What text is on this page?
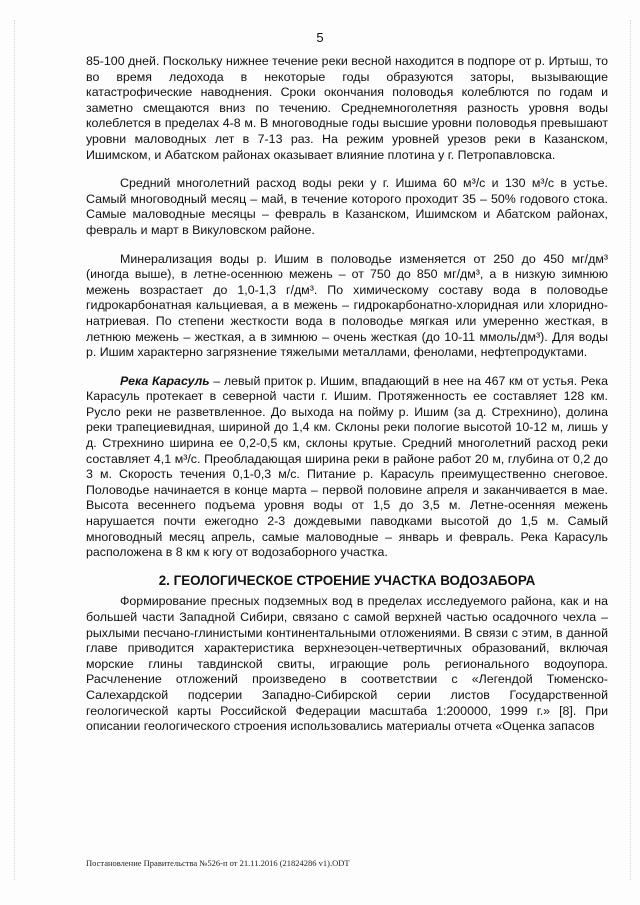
5

85-100 дней. Поскольку нижнее течение реки весной находится в подпоре от р. Иртыш, то во время ледохода в некоторые годы образуются заторы, вызывающие катастрофические наводнения. Сроки окончания половодья колеблются по годам и заметно смещаются вниз по течению. Среднемноголетняя разность уровня воды колеблется в пределах 4-8 м. В многоводные годы высшие уровни половодья превышают уровни маловодных лет в 7-13 раз. На режим уровней урезов реки в Казанском, Ишимском, и Абатском районах оказывает влияние плотина у г. Петропавловска.

Средний многолетний расход воды реки у г. Ишима 60 м³/с и 130 м³/с в устье. Самый многоводный месяц – май, в течение которого проходит 35 – 50% годового стока. Самые маловодные месяцы – февраль в Казанском, Ишимском и Абатском районах, февраль и март в Викуловском районе.

Минерализация воды р. Ишим в половодье изменяется от 250 до 450 мг/дм³ (иногда выше), в летне-осеннюю межень – от 750 до 850 мг/дм³, а в низкую зимнюю межень возрастает до 1,0-1,3 г/дм³. По химическому составу вода в половодье гидрокарбонатная кальциевая, а в межень – гидрокарбонатно-хлоридная или хлоридно-натриевая. По степени жесткости вода в половодье мягкая или умеренно жесткая, в летнюю межень – жесткая, а в зимнюю – очень жесткая (до 10-11 ммоль/дм³). Для воды р. Ишим характерно загрязнение тяжелыми металлами, фенолами, нефтепродуктами.

Река Карасуль – левый приток р. Ишим, впадающий в нее на 467 км от устья. Река Карасуль протекает в северной части г. Ишим. Протяженность ее составляет 128 км. Русло реки не разветвленное. До выхода на пойму р. Ишим (за д. Стрехнино), долина реки трапециевидная, шириной до 1,4 км. Склоны реки пологие высотой 10-12 м, лишь у д. Стрехнино ширина ее 0,2-0,5 км, склоны крутые. Средний многолетний расход реки составляет 4,1 м³/с. Преобладающая ширина реки в районе работ 20 м, глубина от 0,2 до 3 м. Скорость течения 0,1-0,3 м/с. Питание р. Карасуль преимущественно снеговое. Половодье начинается в конце марта – первой половине апреля и заканчивается в мае. Высота весеннего подъема уровня воды от 1,5 до 3,5 м. Летне-осенняя межень нарушается почти ежегодно 2-3 дождевыми паводками высотой до 1,5 м. Самый многоводный месяц апрель, самые маловодные – январь и февраль. Река Карасуль расположена в 8 км к югу от водозаборного участка.

2. ГЕОЛОГИЧЕСКОЕ СТРОЕНИЕ УЧАСТКА ВОДОЗАБОРА

Формирование пресных подземных вод в пределах исследуемого района, как и на большей части Западной Сибири, связано с самой верхней частью осадочного чехла – рыхлыми песчано-глинистыми континентальными отложениями. В связи с этим, в данной главе приводится характеристика верхнеэоцен-четвертичных образований, включая морские глины тавдинской свиты, играющие роль регионального водоупора. Расчленение отложений произведено в соответствии с «Легендой Тюменско-Салехардской подсерии Западно-Сибирской серии листов Государственной геологической карты Российской Федерации масштаба 1:200000, 1999 г.» [8]. При описании геологического строения использовались материалы отчета «Оценка запасов

Постановление Правительства №526-п от 21.11.2016 (21824286 v1).ODT
